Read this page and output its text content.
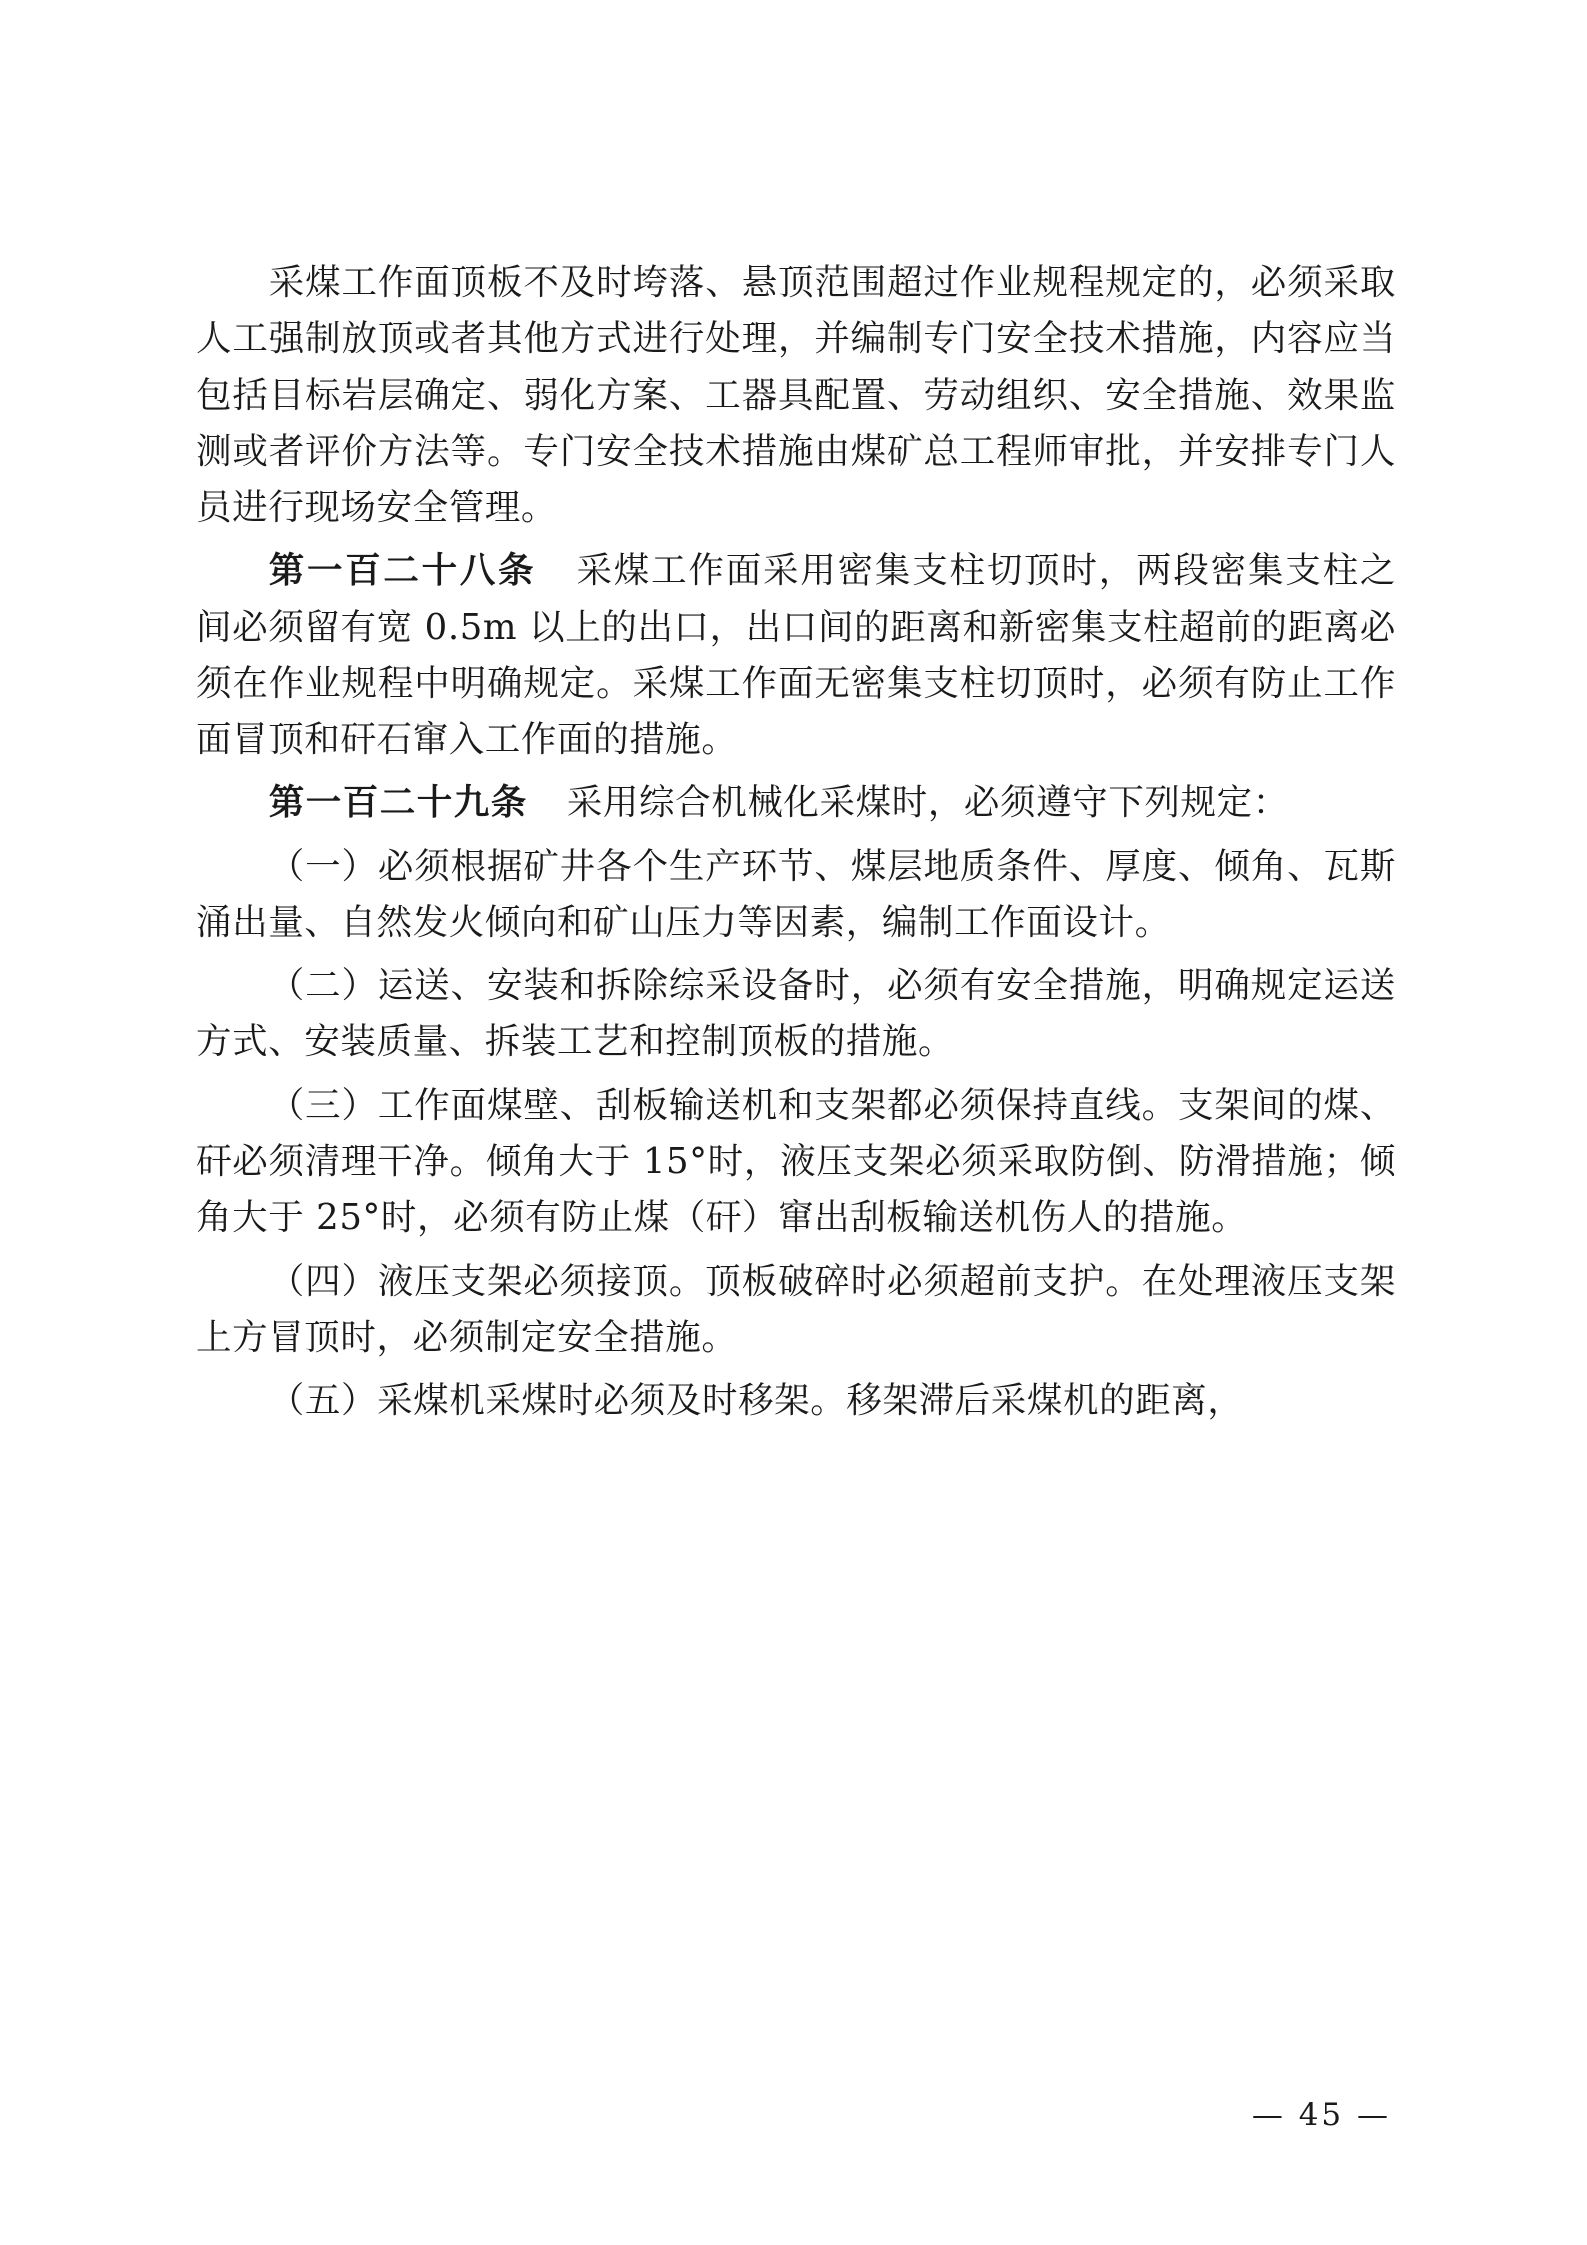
采煤工作面顶板不及时垮落、悬顶范围超过作业规程规定的，必须采取人工强制放顶或者其他方式进行处理，并编制专门安全技术措施，内容应当包括目标岩层确定、弱化方案、工器具配置、劳动组织、安全措施、效果监测或者评价方法等。专门安全技术措施由煤矿总工程师审批，并安排专门人员进行现场安全管理。

第一百二十八条 采煤工作面采用密集支柱切顶时，两段密集支柱之间必须留有宽 0.5m 以上的出口，出口间的距离和新密集支柱超前的距离必须在作业规程中明确规定。采煤工作面无密集支柱切顶时，必须有防止工作面冒顶和矸石窜入工作面的措施。

第一百二十九条 采用综合机械化采煤时，必须遵守下列规定：

（一）必须根据矿井各个生产环节、煤层地质条件、厚度、倾角、瓦斯涌出量、自然发火倾向和矿山压力等因素，编制工作面设计。

（二）运送、安装和拆除综采设备时，必须有安全措施，明确规定运送方式、安装质量、拆装工艺和控制顶板的措施。

（三）工作面煤壁、刮板输送机和支架都必须保持直线。支架间的煤、矸必须清理干净。倾角大于 15°时，液压支架必须采取防倒、防滑措施；倾角大于 25°时，必须有防止煤（矸）窜出刮板输送机伤人的措施。

（四）液压支架必须接顶。顶板破碎时必须超前支护。在处理液压支架上方冒顶时，必须制定安全措施。

（五）采煤机采煤时必须及时移架。移架滞后采煤机的距离，

— 45 —
